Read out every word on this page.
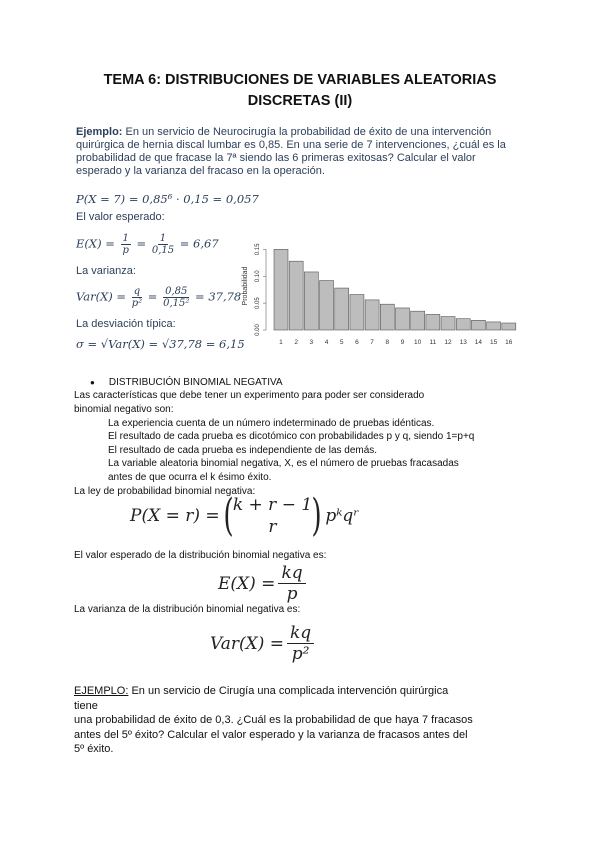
TEMA 6: DISTRIBUCIONES DE VARIABLES ALEATORIAS
DISCRETAS (II)
Ejemplo: En un servicio de Neurocirugía la probabilidad de éxito de una intervención quirúrgica de hernia discal lumbar es 0,85. En una serie de 7 intervenciones, ¿cuál es la probabilidad de que fracase la 7ª siendo las 6 primeras exitosas? Calcular el valor esperado y la varianza del fracaso en la operación.
P(X = 7) = 0,85⁶ · 0,15 = 0,057
El valor esperado:
$E(X) = \frac{1}{p} = \frac{1}{0,15} = 6,67$
La varianza:
$Var(X) = \frac{q}{\text{p²}} = \frac{0,85}{\text{0,15²}} = 37,78$
La desviación típica:
σ = √Var(X) = √37,78 = 6,15
Probabilidad
0.00
0.05
0.10
0.15
1 2 3 4 5 6 7 8 9 10 11 12 13 14 15 16
● DISTRIBUCIÓN BINOMIAL NEGATIVA
Las características que debe tener un experimento para poder ser considerado
binomial negativo son:
La experiencia cuenta de un número indeterminado de pruebas idénticas.
El resultado de cada prueba es dicotómico con probabilidades p y q, siendo 1=p+q
El resultado de cada prueba es independiente de las demás.
La variable aleatoria binomial negativa, X, es el número de pruebas fracasadas
antes de que ocurra el k ésimo éxito.
La ley de probabilidad binomial negativa:
P(X = r) = ( k + r − 1
r ) pᵏqʳ
El valor esperado de la distribución binomial negativa es:
$E(X) = \frac{kq}{p}$
La varianza de la distribución binomial negativa es:
$Var(X) = \frac{kq}{\text{p²}}$
EJEMPLO: En un servicio de Cirugía una complicada intervención quirúrgica tiene
una probabilidad de éxito de 0,3. ¿Cuál es la probabilidad de que haya 7 fracasos
antes del 5º éxito? Calcular el valor esperado y la varianza de fracasos antes del
5º éxito.
